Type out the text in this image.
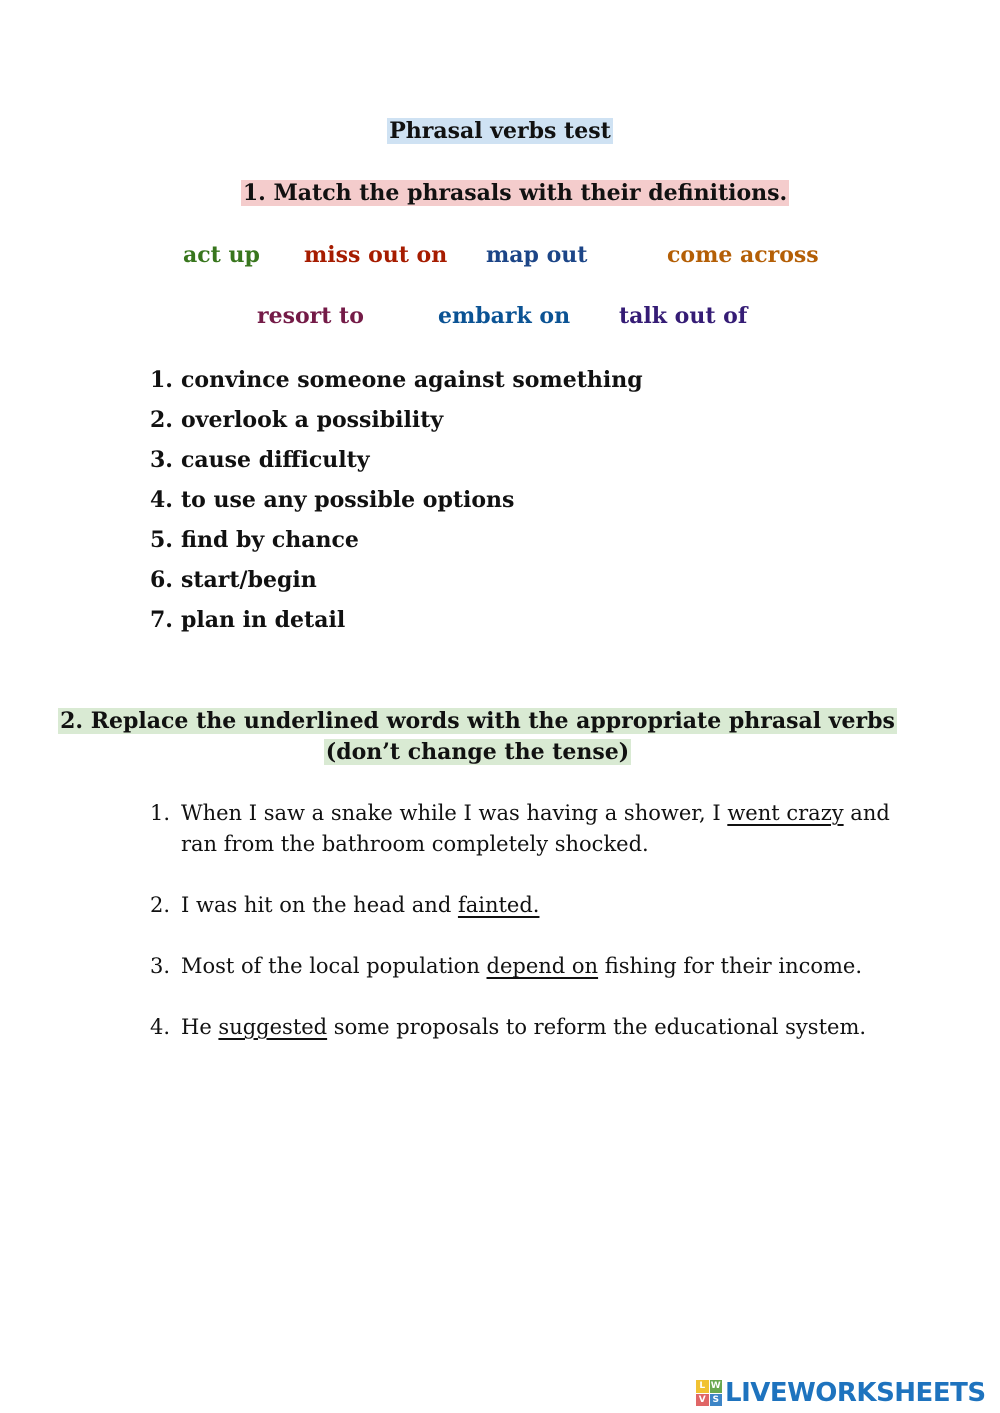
Phrasal verbs test
1. Match the phrasals with their definitions.
act up miss out on map out	come across
resort to	embark on talk out of
1. convince someone against something
2. overlook a possibility
3. cause difficulty
4. to use any possible options
5. find by chance
6. start/begin
7. plan in detail
2. Replace the underlined words with the appropriate phrasal verbs
(don’t change the tense)
1. When I saw a snake while I was having a shower, I went crazy and ran from the bathroom completely shocked.
2. I was hit on the head and fainted.
3. Most of the local population depend on fishing for their income.
4. He suggested some proposals to reform the educational system.
L W
V S LIVEWORKSHEETS
